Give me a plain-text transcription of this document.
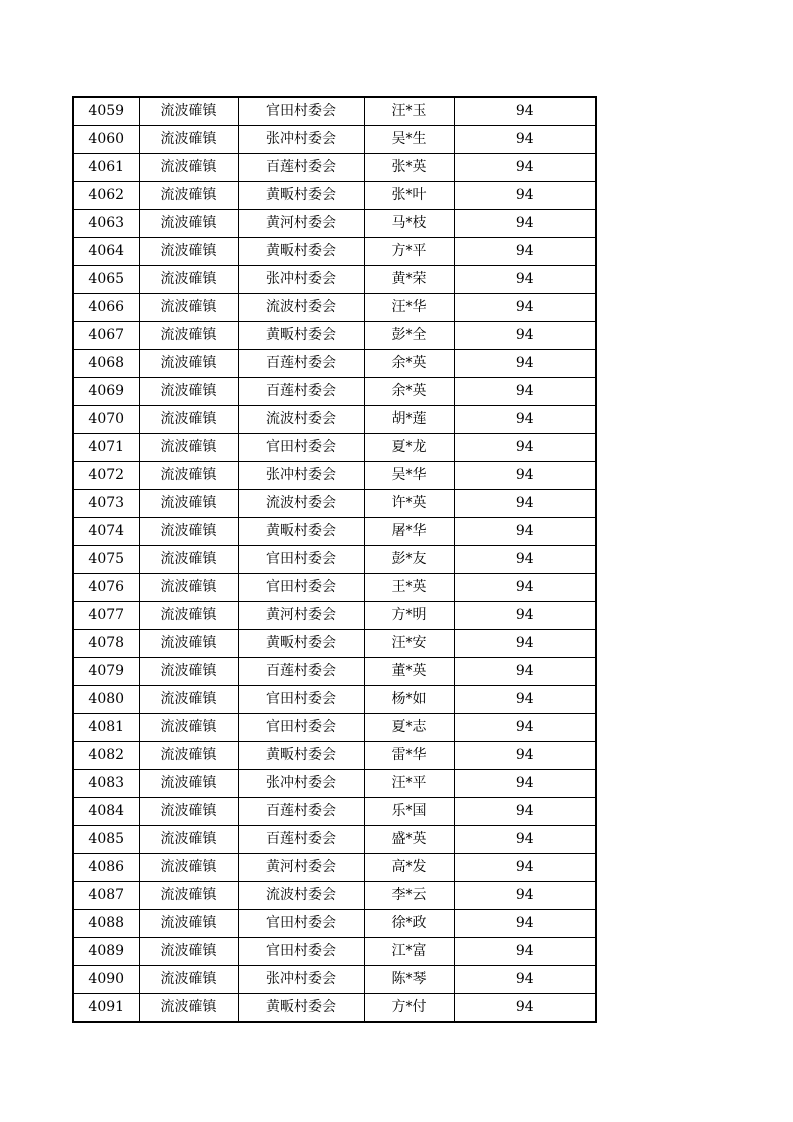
4059	流波確镇	官田村委会	汪*玉	94
4060	流波確镇	张冲村委会	吴*生	94
4061	流波確镇	百莲村委会	张*英	94
4062	流波確镇	黄畈村委会	张*叶	94
4063	流波確镇	黄河村委会	马*枝	94
4064	流波確镇	黄畈村委会	方*平	94
4065	流波確镇	张冲村委会	黄*荣	94
4066	流波確镇	流波村委会	汪*华	94
4067	流波確镇	黄畈村委会	彭*全	94
4068	流波確镇	百莲村委会	余*英	94
4069	流波確镇	百莲村委会	余*英	94
4070	流波確镇	流波村委会	胡*莲	94
4071	流波確镇	官田村委会	夏*龙	94
4072	流波確镇	张冲村委会	吴*华	94
4073	流波確镇	流波村委会	许*英	94
4074	流波確镇	黄畈村委会	屠*华	94
4075	流波確镇	官田村委会	彭*友	94
4076	流波確镇	官田村委会	王*英	94
4077	流波確镇	黄河村委会	方*明	94
4078	流波確镇	黄畈村委会	汪*安	94
4079	流波確镇	百莲村委会	董*英	94
4080	流波確镇	官田村委会	杨*如	94
4081	流波確镇	官田村委会	夏*志	94
4082	流波確镇	黄畈村委会	雷*华	94
4083	流波確镇	张冲村委会	汪*平	94
4084	流波確镇	百莲村委会	乐*国	94
4085	流波確镇	百莲村委会	盛*英	94
4086	流波確镇	黄河村委会	高*发	94
4087	流波確镇	流波村委会	李*云	94
4088	流波確镇	官田村委会	徐*政	94
4089	流波確镇	官田村委会	江*富	94
4090	流波確镇	张冲村委会	陈*琴	94
4091	流波確镇	黄畈村委会	方*付	94
